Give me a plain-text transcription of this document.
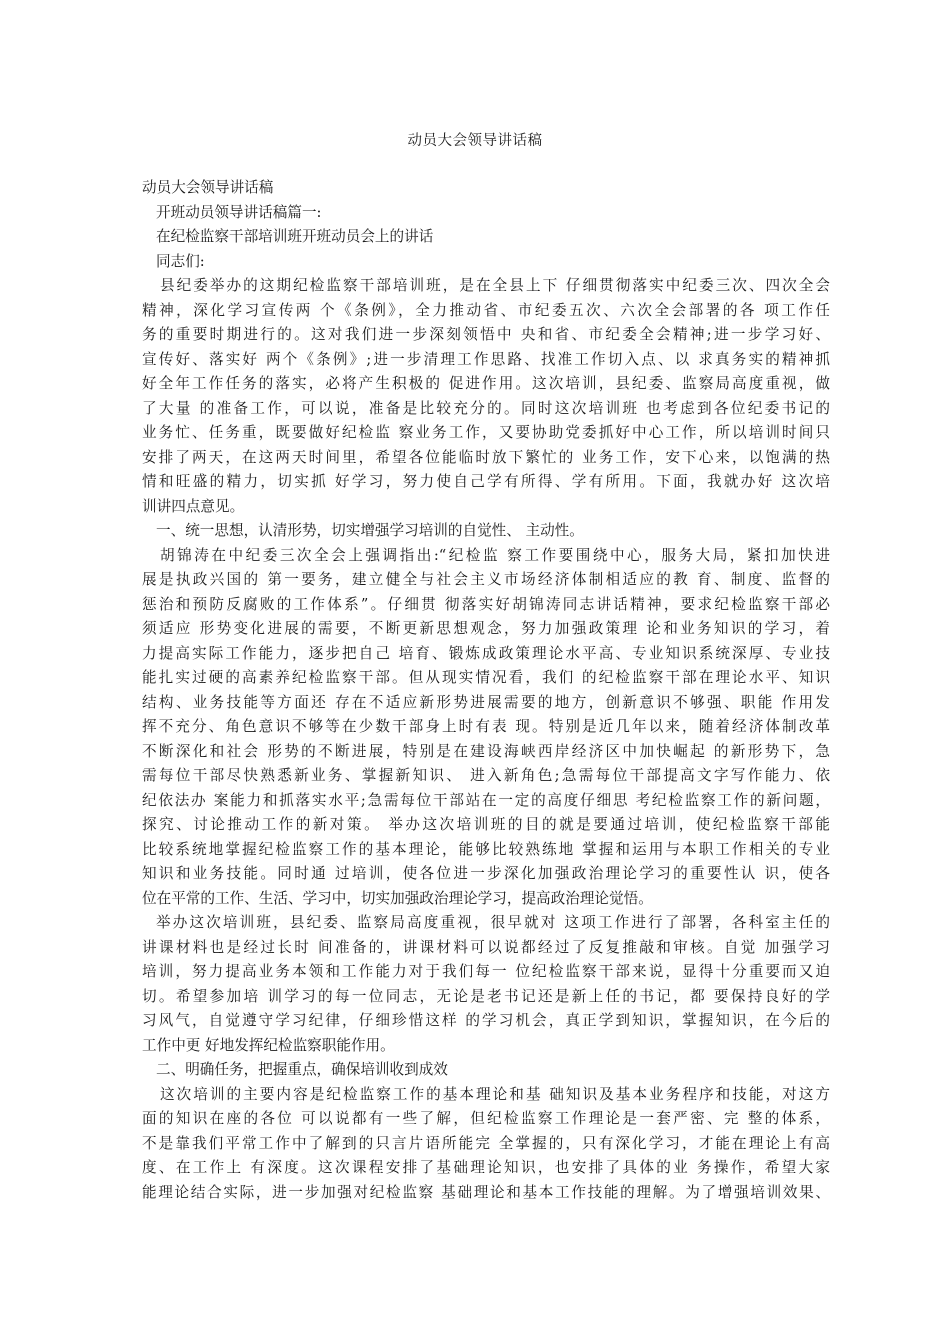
动员大会领导讲话稿
动员大会领导讲话稿
开班动员领导讲话稿篇一:
在纪检监察干部培训班开班动员会上的讲话
同志们:
县纪委举办的这期纪检监察干部培训班，是在全县上下 仔细贯彻落实中纪委三次、四次全会
精神，深化学习宣传两 个《条例》，全力推动省、市纪委五次、六次全会部署的各 项工作任
务的重要时期进行的。这对我们进一步深刻领悟中 央和省、市纪委全会精神;进一步学习好、
宣传好、落实好 两个《条例》;进一步清理工作思路、找准工作切入点、以 求真务实的精神抓
好全年工作任务的落实，必将产生积极的 促进作用。这次培训，县纪委、监察局高度重视，做
了大量 的准备工作，可以说，准备是比较充分的。同时这次培训班 也考虑到各位纪委书记的
业务忙、任务重，既要做好纪检监 察业务工作，又要协助党委抓好中心工作，所以培训时间只
安排了两天，在这两天时间里，希望各位能临时放下繁忙的 业务工作，安下心来，以饱满的热
情和旺盛的精力，切实抓 好学习，努力使自己学有所得、学有所用。下面，我就办好 这次培
训讲四点意见。
一、统一思想，认清形势，切实增强学习培训的自觉性、 主动性。
胡锦涛在中纪委三次全会上强调指出:“纪检监 察工作要围绕中心，服务大局，紧扣加快进
展是执政兴国的 第一要务，建立健全与社会主义市场经济体制相适应的教 育、制度、监督的
惩治和预防反腐败的工作体系”。仔细贯 彻落实好胡锦涛同志讲话精神，要求纪检监察干部必
须适应 形势变化进展的需要，不断更新思想观念，努力加强政策理 论和业务知识的学习，着
力提高实际工作能力，逐步把自己 培育、锻炼成政策理论水平高、专业知识系统深厚、专业技
能扎实过硬的高素养纪检监察干部。但从现实情况看，我们 的纪检监察干部在理论水平、知识
结构、业务技能等方面还 存在不适应新形势进展需要的地方，创新意识不够强、职能 作用发
挥不充分、角色意识不够等在少数干部身上时有表 现。特别是近几年以来，随着经济体制改革
不断深化和社会 形势的不断进展，特别是在建设海峡西岸经济区中加快崛起 的新形势下，急
需每位干部尽快熟悉新业务、掌握新知识、 进入新角色;急需每位干部提高文字写作能力、依
纪依法办 案能力和抓落实水平;急需每位干部站在一定的高度仔细思 考纪检监察工作的新问题，
探究、讨论推动工作的新对策。 举办这次培训班的目的就是要通过培训，使纪检监察干部能
比较系统地掌握纪检监察工作的基本理论，能够比较熟练地 掌握和运用与本职工作相关的专业
知识和业务技能。同时通 过培训，使各位进一步深化加强政治理论学习的重要性认 识，使各
位在平常的工作、生活、学习中，切实加强政治理论学习，提高政治理论觉悟。
举办这次培训班，县纪委、监察局高度重视，很早就对 这项工作进行了部署，各科室主任的
讲课材料也是经过长时 间准备的，讲课材料可以说都经过了反复推敲和审核。自觉 加强学习
培训，努力提高业务本领和工作能力对于我们每一 位纪检监察干部来说，显得十分重要而又迫
切。希望参加培 训学习的每一位同志，无论是老书记还是新上任的书记，都 要保持良好的学
习风气，自觉遵守学习纪律，仔细珍惜这样 的学习机会，真正学到知识，掌握知识，在今后的
工作中更 好地发挥纪检监察职能作用。
二、明确任务，把握重点，确保培训收到成效
这次培训的主要内容是纪检监察工作的基本理论和基 础知识及基本业务程序和技能，对这方
面的知识在座的各位 可以说都有一些了解，但纪检监察工作理论是一套严密、完 整的体系，
不是靠我们平常工作中了解到的只言片语所能完 全掌握的，只有深化学习，才能在理论上有高
度、在工作上 有深度。这次课程安排了基础理论知识，也安排了具体的业 务操作，希望大家
能理论结合实际，进一步加强对纪检监察 基础理论和基本工作技能的理解。为了增强培训效果、
